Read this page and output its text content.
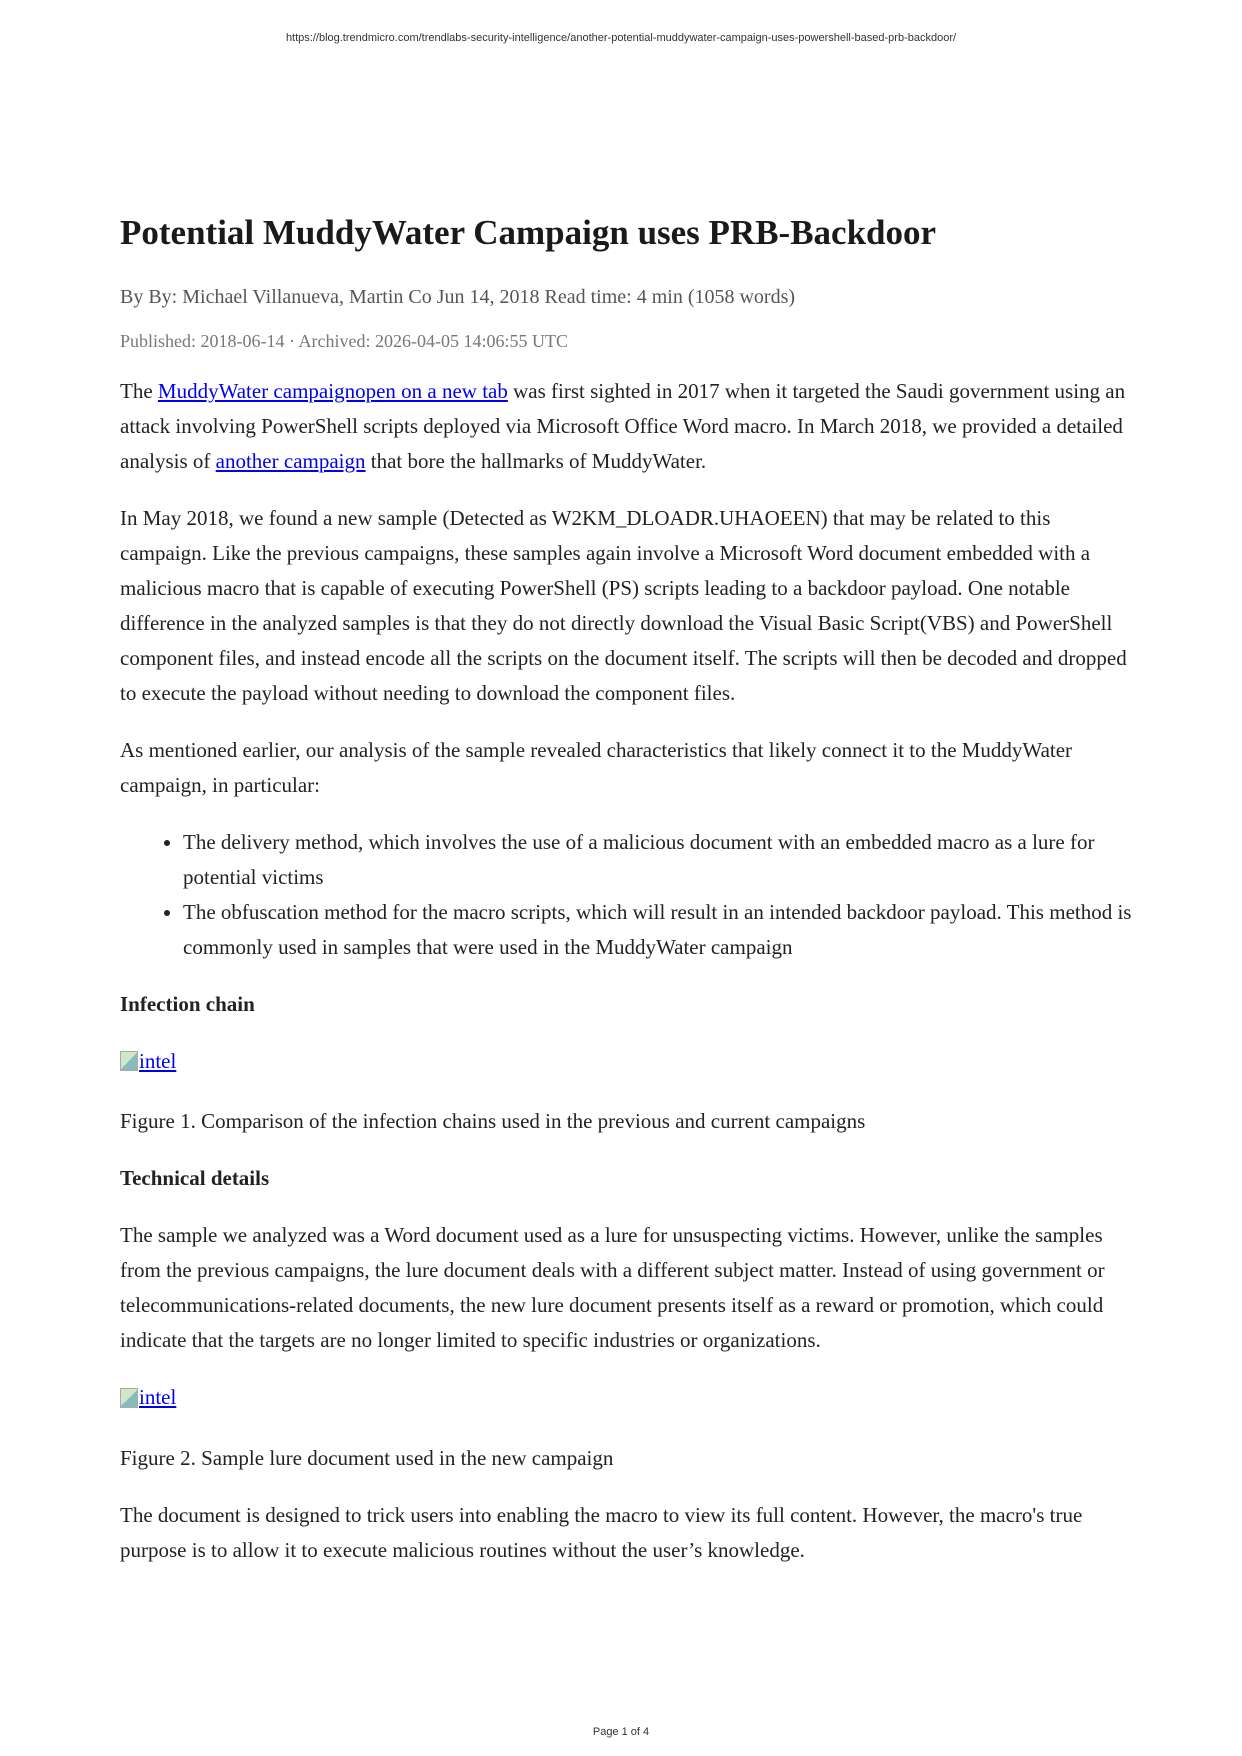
https://blog.trendmicro.com/trendlabs-security-intelligence/another-potential-muddywater-campaign-uses-powershell-based-prb-backdoor/
Potential MuddyWater Campaign uses PRB-Backdoor
By By: Michael Villanueva, Martin Co Jun 14, 2018 Read time: 4 min (1058 words)
Published: 2018-06-14 · Archived: 2026-04-05 14:06:55 UTC

The MuddyWater campaignopen on a new tab was first sighted in 2017 when it targeted the Saudi government using an attack involving PowerShell scripts deployed via Microsoft Office Word macro. In March 2018, we provided a detailed analysis of another campaign that bore the hallmarks of MuddyWater.

In May 2018, we found a new sample (Detected as W2KM_DLOADR.UHAOEEN) that may be related to this campaign. Like the previous campaigns, these samples again involve a Microsoft Word document embedded with a malicious macro that is capable of executing PowerShell (PS) scripts leading to a backdoor payload. One notable difference in the analyzed samples is that they do not directly download the Visual Basic Script(VBS) and PowerShell component files, and instead encode all the scripts on the document itself. The scripts will then be decoded and dropped to execute the payload without needing to download the component files.

As mentioned earlier, our analysis of the sample revealed characteristics that likely connect it to the MuddyWater campaign, in particular:

• The delivery method, which involves the use of a malicious document with an embedded macro as a lure for potential victims
• The obfuscation method for the macro scripts, which will result in an intended backdoor payload. This method is commonly used in samples that were used in the MuddyWater campaign
Infection chain

intel

Figure 1. Comparison of the infection chains used in the previous and current campaigns

Technical details

The sample we analyzed was a Word document used as a lure for unsuspecting victims. However, unlike the samples from the previous campaigns, the lure document deals with a different subject matter. Instead of using government or telecommunications-related documents, the new lure document presents itself as a reward or promotion, which could indicate that the targets are no longer limited to specific industries or organizations.

intel

Figure 2. Sample lure document used in the new campaign

The document is designed to trick users into enabling the macro to view its full content. However, the macro's true purpose is to allow it to execute malicious routines without the user’s knowledge.

Page 1 of 4
